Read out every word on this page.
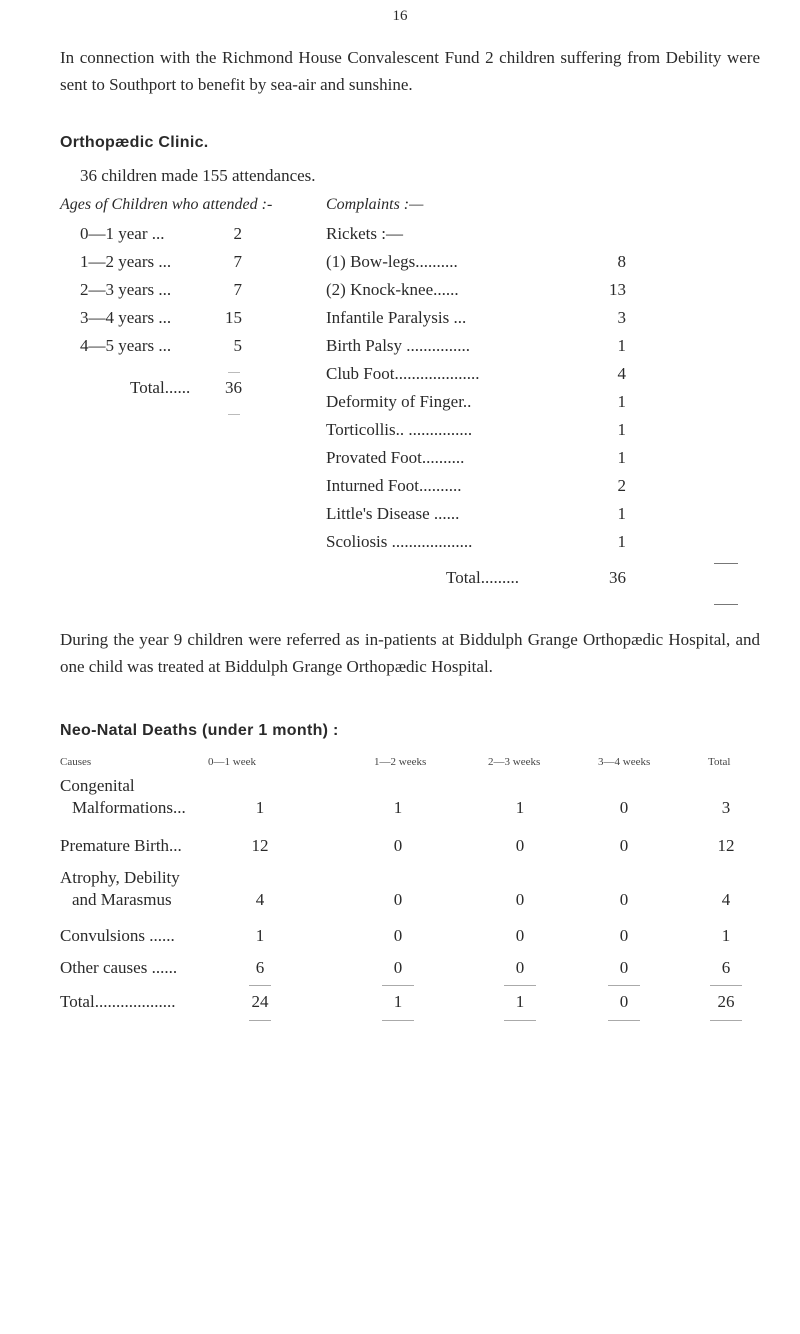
16
In connection with the Richmond House Convalescent Fund 2 children suffering from Debility were sent to Southport to benefit by sea-air and sunshine.
Orthopædic Clinic.
36 children made 155 attendances.
Ages of Children who attended :-	Complaints :—
0—1 year ...	2
1—2 years ...	7
2—3 years ...	7
3—4 years ...	15
4—5 years ...	5
Total......	36
Rickets :—
(1) Bow-legs..........	8
(2) Knock-knee......	13
Infantile Paralysis ...	3
Birth Palsy ...............	1
Club Foot....................	4
Deformity of Finger..	1
Torticollis.. ...............	1
Provated Foot..........	1
Inturned Foot..........	2
Little's Disease ......	1
Scoliosis ...................	1
Total.........	36
During the year 9 children were referred as in-patients at Biddulph Grange Orthopædic Hospital, and one child was treated at Biddulph Grange Orthopædic Hospital.
Neo-Natal Deaths (under 1 month) :
Causes	0—1 week	1—2 weeks	2—3 weeks	3—4 weeks	Total
Congenital
Malformations...	1	1	1	0	3
Premature Birth...	12	0	0	0	12
Atrophy, Debility
and Marasmus	4	0	0	0	4
Convulsions ......	1	0	0	0	1
Other causes ......	6	0	0	0	6
Total...................	24	1	1	0	26
